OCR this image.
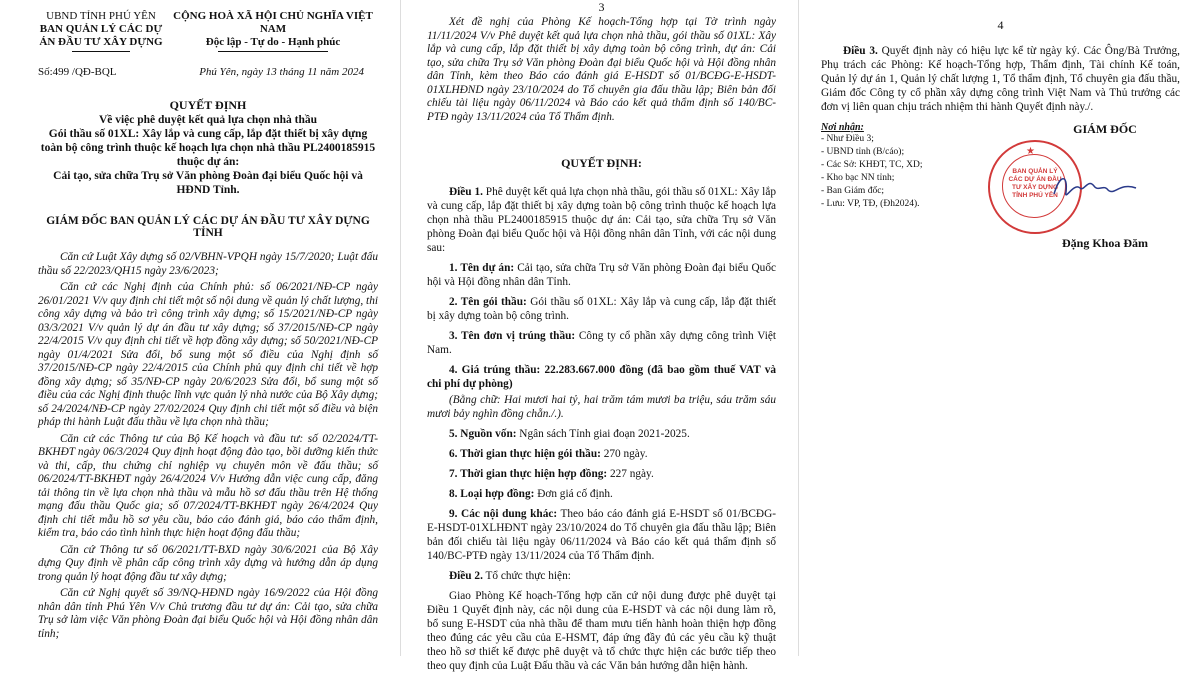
UBND TỈNH PHÚ YÊN
BAN QUẢN LÝ CÁC DỰ ÁN ĐẦU TƯ XÂY DỰNG
CỘNG HOÀ XÃ HỘI CHỦ NGHĨA VIỆT NAM
Độc lập - Tự do - Hạnh phúc
Số:499 /QĐ-BQL	Phú Yên, ngày 13 tháng 11 năm 2024
QUYẾT ĐỊNH
Về việc phê duyệt kết quả lựa chọn nhà thầu
Gói thầu số 01XL: Xây lắp và cung cấp, lắp đặt thiết bị xây dựng toàn bộ công trình thuộc kế hoạch lựa chọn nhà thầu PL2400185915 thuộc dự án:
Cải tạo, sửa chữa Trụ sở Văn phòng Đoàn đại biểu Quốc hội và HĐND Tỉnh.
GIÁM ĐỐC BAN QUẢN LÝ CÁC DỰ ÁN ĐẦU TƯ XÂY DỰNG TỈNH

Căn cứ Luật Xây dựng số 02/VBHN-VPQH ngày 15/7/2020; Luật đấu thầu số 22/2023/QH15 ngày 23/6/2023;

Căn cứ các Nghị định của Chính phủ: số 06/2021/NĐ-CP ngày 26/01/2021 V/v quy định chi tiết một số nội dung về quản lý chất lượng, thi công xây dựng và bảo trì công trình xây dựng; số 15/2021/NĐ-CP ngày 03/3/2021 V/v quản lý dự án đầu tư xây dựng; số 37/2015/NĐ-CP ngày 22/4/2015 V/v quy định chi tiết về hợp đồng xây dựng; số 50/2021/NĐ-CP ngày 01/4/2021 Sửa đổi, bổ sung một số điều của Nghị định số 37/2015/NĐ-CP ngày 22/4/2015 của Chính phủ quy định chi tiết về hợp đồng xây dựng; số 35/NĐ-CP ngày 20/6/2023 Sửa đổi, bổ sung một số điều của các Nghị định thuộc lĩnh vực quản lý nhà nước của Bộ Xây dựng; số 24/2024/NĐ-CP ngày 27/02/2024 Quy định chi tiết một số điều và biện pháp thi hành Luật đấu thầu về lựa chọn nhà thầu;

Căn cứ các Thông tư của Bộ Kế hoạch và đầu tư: số 02/2024/TT-BKHĐT ngày 06/3/2024 Quy định hoạt động đào tạo, bồi dưỡng kiến thức và thi, cấp, thu chứng chỉ nghiệp vụ chuyên môn về đấu thầu; số 06/2024/TT-BKHĐT ngày 26/4/2024 V/v Hướng dẫn việc cung cấp, đăng tải thông tin về lựa chọn nhà thầu và mẫu hồ sơ đấu thầu trên Hệ thống mạng đấu thầu Quốc gia; số 07/2024/TT-BKHĐT ngày 26/4/2024 Quy định chi tiết mẫu hồ sơ yêu cầu, báo cáo đánh giá, báo cáo thẩm định, kiểm tra, báo cáo tình hình thực hiện hoạt động đấu thầu;

Căn cứ Thông tư số 06/2021/TT-BXD ngày 30/6/2021 của Bộ Xây dựng Quy định về phân cấp công trình xây dựng và hướng dẫn áp dụng trong quản lý hoạt động đầu tư xây dựng;

Căn cứ Nghị quyết số 39/NQ-HĐND ngày 16/9/2022 của Hội đồng nhân dân tỉnh Phú Yên V/v Chủ trương đầu tư dự án: Cải tạo, sửa chữa Trụ sở làm việc Văn phòng Đoàn đại biểu Quốc hội và Hội đồng nhân dân tỉnh;

3

Xét đề nghị của Phòng Kế hoạch-Tổng hợp tại Tờ trình ngày 11/11/2024 V/v Phê duyệt kết quả lựa chọn nhà thầu, gói thầu số 01XL: Xây lắp và cung cấp, lắp đặt thiết bị xây dựng toàn bộ công trình, dự án: Cải tạo, sửa chữa Trụ sở Văn phòng Đoàn đại biểu Quốc hội và Hội đồng nhân dân Tỉnh, kèm theo Báo cáo đánh giá E-HSDT số 01/BCĐG-E-HSDT-01XLHĐND ngày 23/10/2024 do Tổ chuyên gia đấu thầu lập; Biên bản đối chiếu tài liệu ngày 06/11/2024 và Báo cáo kết quả thẩm định số 140/BC-PTĐ ngày 13/11/2024 của Tổ Thẩm định.

QUYẾT ĐỊNH:

Điều 1. Phê duyệt kết quả lựa chọn nhà thầu, gói thầu số 01XL: Xây lắp và cung cấp, lắp đặt thiết bị xây dựng toàn bộ công trình thuộc kế hoạch lựa chọn nhà thầu PL2400185915 thuộc dự án: Cải tạo, sửa chữa Trụ sở Văn phòng Đoàn đại biểu Quốc hội và Hội đồng nhân dân Tỉnh, với các nội dung sau:

1. Tên dự án: Cải tạo, sửa chữa Trụ sở Văn phòng Đoàn đại biểu Quốc hội và Hội đồng nhân dân Tỉnh.

2. Tên gói thầu: Gói thầu số 01XL: Xây lắp và cung cấp, lắp đặt thiết bị xây dựng toàn bộ công trình.

3. Tên đơn vị trúng thầu: Công ty cổ phần xây dựng công trình Việt Nam.

4. Giá trúng thầu: 22.283.667.000 đồng (đã bao gồm thuế VAT và chi phí dự phòng)

(Bằng chữ: Hai mươi hai tỷ, hai trăm tám mươi ba triệu, sáu trăm sáu mươi bảy nghìn đồng chẵn./.).

5. Nguồn vốn: Ngân sách Tỉnh giai đoạn 2021-2025.

6. Thời gian thực hiện gói thầu: 270 ngày.

7. Thời gian thực hiện hợp đồng: 227 ngày.

8. Loại hợp đồng: Đơn giá cố định.

9. Các nội dung khác: Theo báo cáo đánh giá E-HSDT số 01/BCĐG-E-HSDT-01XLHĐNT ngày 23/10/2024 do Tổ chuyên gia đấu thầu lập; Biên bản đối chiếu tài liệu ngày 06/11/2024 và Báo cáo kết quả thẩm định số 140/BC-PTĐ ngày 13/11/2024 của Tổ Thẩm định.

Điều 2. Tổ chức thực hiện:

Giao Phòng Kế hoạch-Tổng hợp căn cứ nội dung được phê duyệt tại Điều 1 Quyết định này, các nội dung của E-HSDT và các nội dung làm rõ, bổ sung E-HSDT của nhà thầu để tham mưu tiến hành hoàn thiện hợp đồng theo đúng các yêu cầu của E-HSMT, đáp ứng đầy đủ các yêu cầu kỹ thuật theo hồ sơ thiết kế được phê duyệt và tổ chức thực hiện các bước tiếp theo theo quy định của Luật Đấu thầu và các Văn bản hướng dẫn hiện hành.

4

Điều 3. Quyết định này có hiệu lực kể từ ngày ký. Các Ông/Bà Trưởng, Phụ trách các Phòng: Kế hoạch-Tổng hợp, Thẩm định, Tài chính Kế toán, Quản lý dự án 1, Quản lý chất lượng 1, Tổ thẩm định, Tổ chuyên gia đấu thầu, Giám đốc Công ty cổ phần xây dựng công trình Việt Nam và Thủ trưởng các đơn vị liên quan chịu trách nhiệm thi hành Quyết định này./.

Nơi nhận:
- Như Điều 3;
- UBND tỉnh (B/cáo);
- Các Sở: KHĐT, TC, XD;
- Kho bạc NN tỉnh;
- Ban Giám đốc;
- Lưu: VP, TĐ, (Đh2024).
GIÁM ĐỐC
★
BAN QUẢN LÝ CÁC DỰ ÁN ĐẦU TƯ XÂY DỰNG TỈNH PHÚ YÊN
Đặng Khoa Đăm
